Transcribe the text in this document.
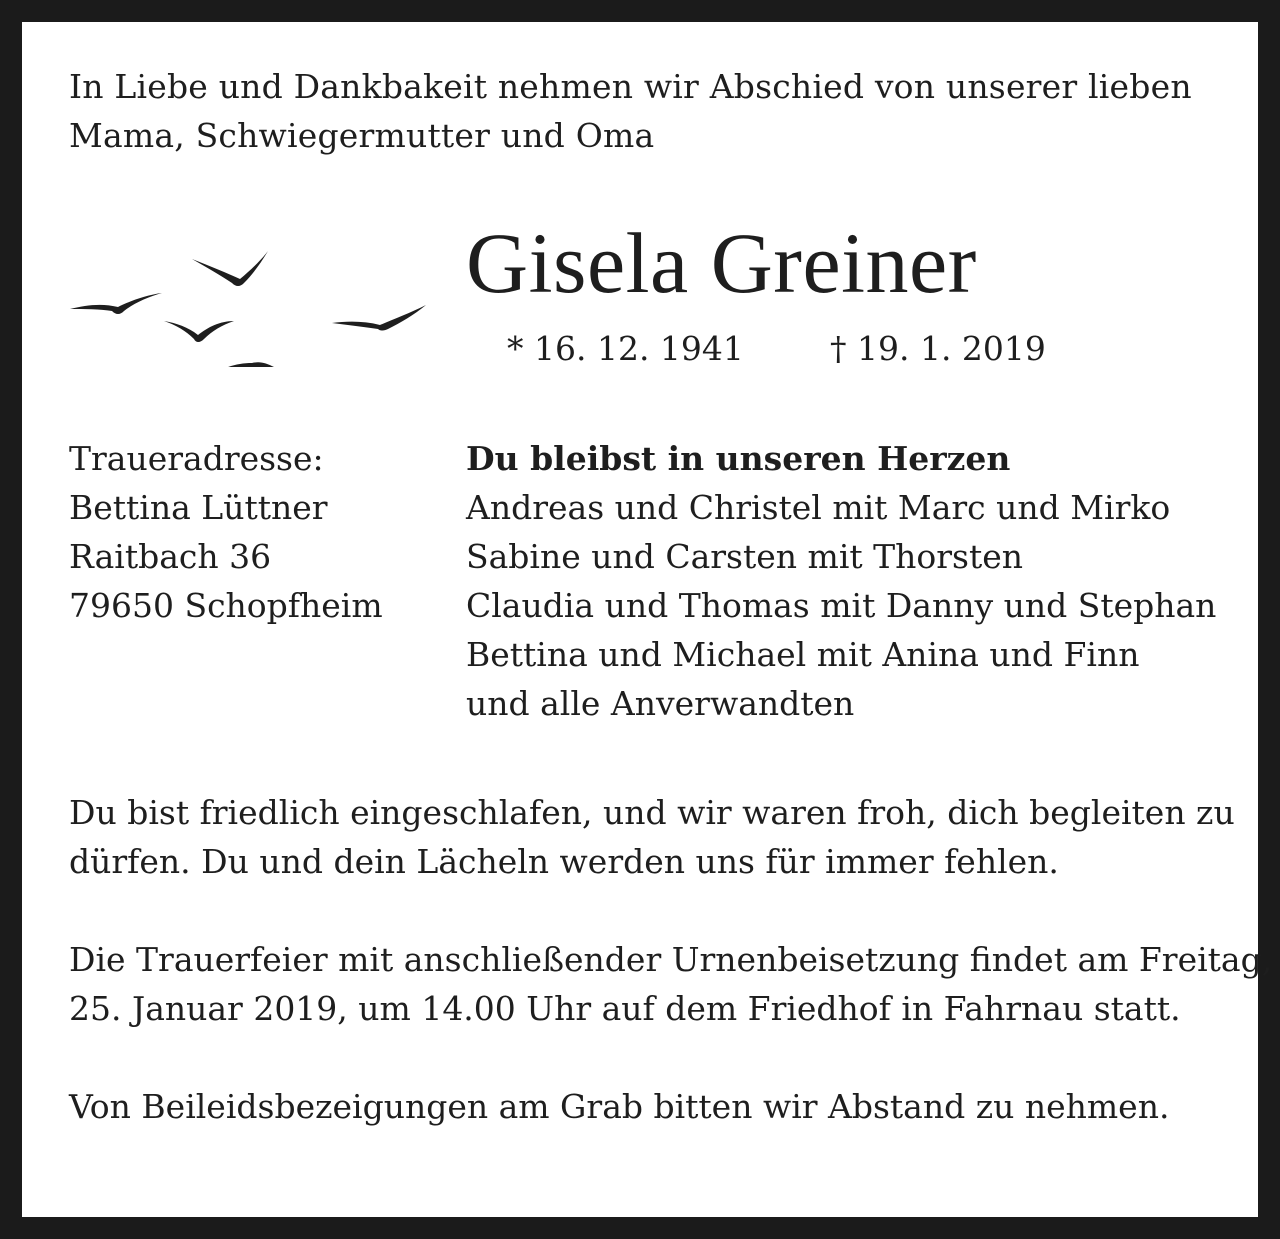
In Liebe und Dankbakeit nehmen wir Abschied von unserer lieben
Mama, Schwiegermutter und Oma

Gisela Greiner
* 16. 12. 1941	† 19. 1. 2019
Traueradresse:
Bettina Lüttner
Raitbach 36
79650 Schopfheim
Du bleibst in unseren Herzen
Andreas und Christel mit Marc und Mirko
Sabine und Carsten mit Thorsten
Claudia und Thomas mit Danny und Stephan
Bettina und Michael mit Anina und Finn
und alle Anverwandten

Du bist friedlich eingeschlafen, und wir waren froh, dich begleiten zu
dürfen. Du und dein Lächeln werden uns für immer fehlen.

Die Trauerfeier mit anschließender Urnenbeisetzung findet am Freitag,
25. Januar 2019, um 14.00 Uhr auf dem Friedhof in Fahrnau statt.

Von Beileidsbezeigungen am Grab bitten wir Abstand zu nehmen.
